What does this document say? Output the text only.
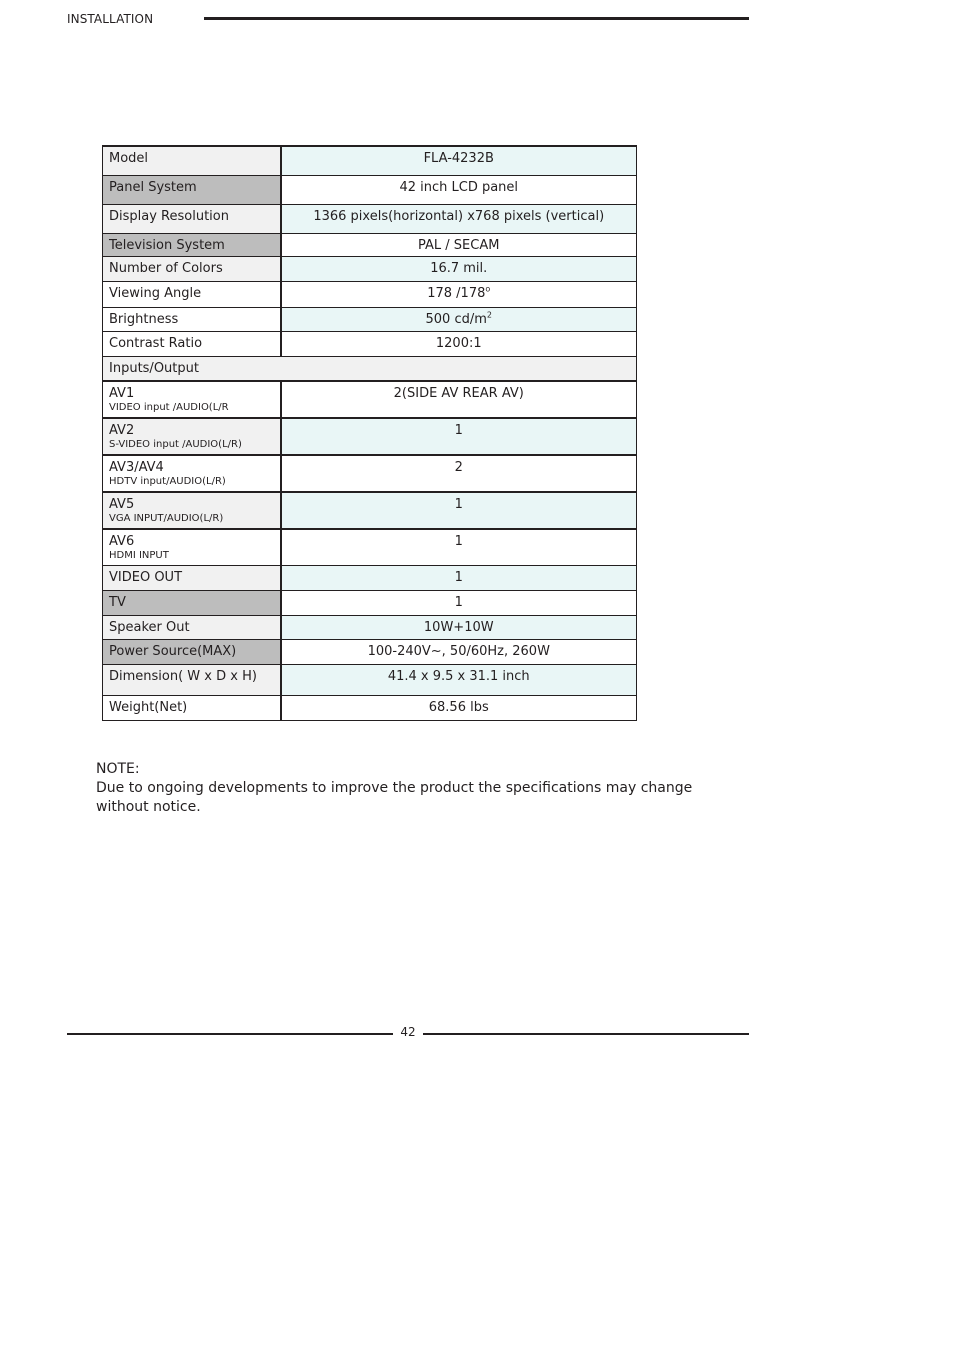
INSTALLATION
Model	FLA-4232B
Panel System	42 inch LCD panel
Display Resolution	1366 pixels(horizontal) x768 pixels (vertical)
Television System	PAL / SECAM
Number of Colors	16.7 mil.
Viewing Angle	178 /178$^o$
Brightness	500 $cd/m^2$
Contrast Ratio	1200:1
Inputs/Output	
AV1
VIDEO input /AUDIO(L/R	2(SIDE AV REAR AV)
AV2
S-VIDEO input /AUDIO(L/R)	1
AV3/AV4
HDTV input/AUDIO(L/R)	2
AV5
VGA INPUT/AUDIO(L/R)	1
AV6
HDMI INPUT	1
VIDEO OUT	1
TV	1
Speaker Out	10W+10W
Power Source(MAX)	100-240V~, 50/60Hz, 260W
Dimension( W x D x H)	41.4 x 9.5 x 31.1 inch
Weight(Net)	68.56 lbs

NOTE:

Due to ongoing developments to improve the product the specifications may change without notice.

42
